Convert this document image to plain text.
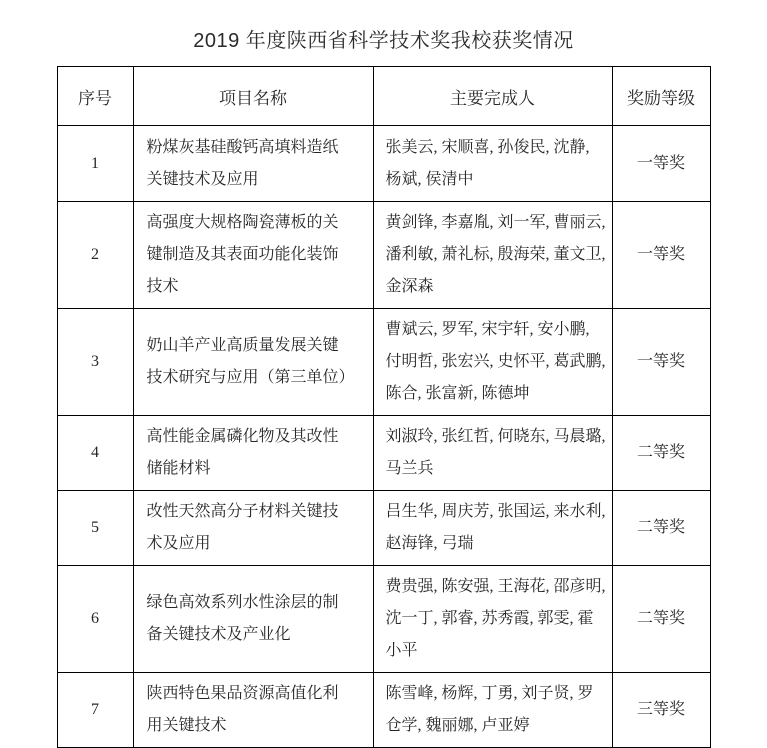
2019 年度陕西省科学技术奖我校获奖情况
序号	项目名称	主要完成人	奖励等级
1	粉煤灰基硅酸钙高填料造纸关键技术及应用	张美云, 宋顺喜, 孙俊民, 沈静, 杨斌, 侯清中	一等奖
2	高强度大规格陶瓷薄板的关键制造及其表面功能化装饰技术	黄剑锋, 李嘉胤, 刘一军, 曹丽云, 潘利敏, 萧礼标, 殷海荣, 董文卫, 金深森	一等奖
3	奶山羊产业高质量发展关键技术研究与应用（第三单位）	曹斌云, 罗军, 宋宇轩, 安小鹏, 付明哲, 张宏兴, 史怀平, 葛武鹏, 陈合, 张富新, 陈德坤	一等奖
4	高性能金属磷化物及其改性储能材料	刘淑玲, 张红哲, 何晓东, 马晨璐, 马兰兵	二等奖
5	改性天然高分子材料关键技术及应用	吕生华, 周庆芳, 张国运, 来水利, 赵海锋, 弓瑞	二等奖
6	绿色高效系列水性涂层的制备关键技术及产业化	费贵强, 陈安强, 王海花, 邵彦明, 沈一丁, 郭睿, 苏秀霞, 郭雯, 霍小平	二等奖
7	陕西特色果品资源高值化利用关键技术	陈雪峰, 杨辉, 丁勇, 刘子贤, 罗仓学, 魏丽娜, 卢亚婷	三等奖
